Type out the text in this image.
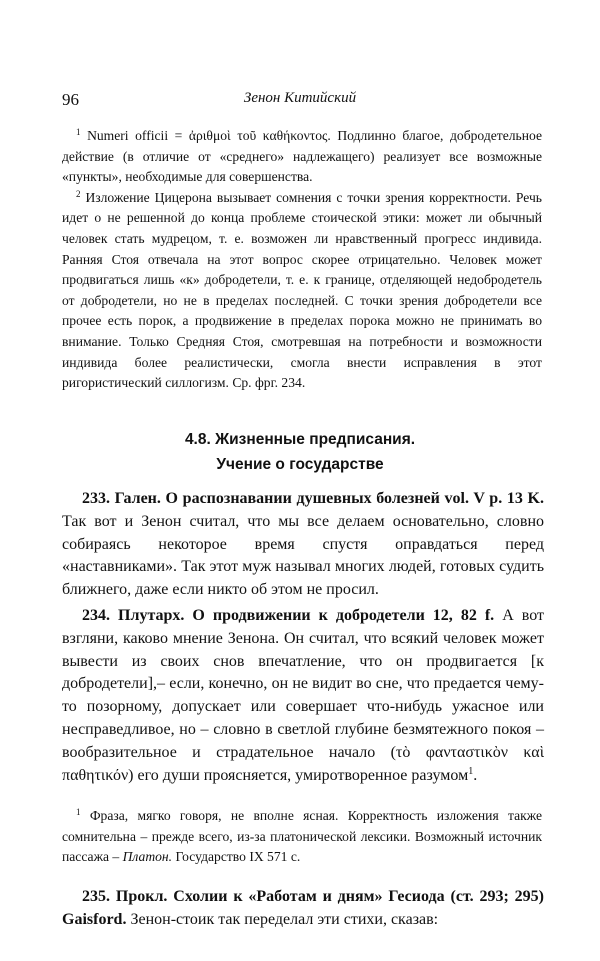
96	Зенон Китийский

$^1$ Numeri officii = ἀριθμοὶ τοῦ καθήκοντος. Подлинно благое, добродетельное действие (в отличие от «среднего» надлежащего) реализует все возможные «пункты», необходимые для совершенства.

$^2$ Изложение Цицерона вызывает сомнения с точки зрения корректности. Речь идет о не решенной до конца проблеме стоической этики: может ли обычный человек стать мудрецом, т. е. возможен ли нравственный прогресс индивида. Ранняя Стоя отвечала на этот вопрос скорее отрицательно. Человек может продвигаться лишь «к» добродетели, т. е. к границе, отделяющей недобродетель от добродетели, но не в пределах последней. С точки зрения добродетели все прочее есть порок, а продвижение в пределах порока можно не принимать во внимание. Только Средняя Стоя, смотревшая на потребности и возможности индивида более реалистически, смогла внести исправления в этот ригористический силлогизм. Ср. фрг. 234.

4.8. Жизненные предписания.
Учение о государстве

233. Гален. О распознавании душевных болезней vol. V p. 13 K. Так вот и Зенон считал, что мы все делаем основательно, словно собираясь некоторое время спустя оправдаться перед «наставниками». Так этот муж называл многих людей, готовых судить ближнего, даже если никто об этом не просил.

234. Плутарх. О продвижении к добродетели 12, 82 f. А вот взгляни, каково мнение Зенона. Он считал, что всякий человек может вывести из своих снов впечатление, что он продвигается [к добродетели],– если, конечно, он не видит во сне, что предается чему-то позорному, допускает или совершает что-нибудь ужасное или несправедливое, но – словно в светлой глубине безмятежного покоя – вообразительное и страдательное начало (τὸ φανταστικὸν καὶ παθητικόν) его души проясняется, умиротворенное разумом$^1$.

$^1$ Фраза, мягко говоря, не вполне ясная. Корректность изложения также сомнительна – прежде всего, из-за платонической лексики. Возможный источник пассажа – Платон. Государство IX 571 с.

235. Прокл. Схолии к «Работам и дням» Гесиода (ст. 293; 295) Gaisford. Зенон-стоик так переделал эти стихи, сказав:
